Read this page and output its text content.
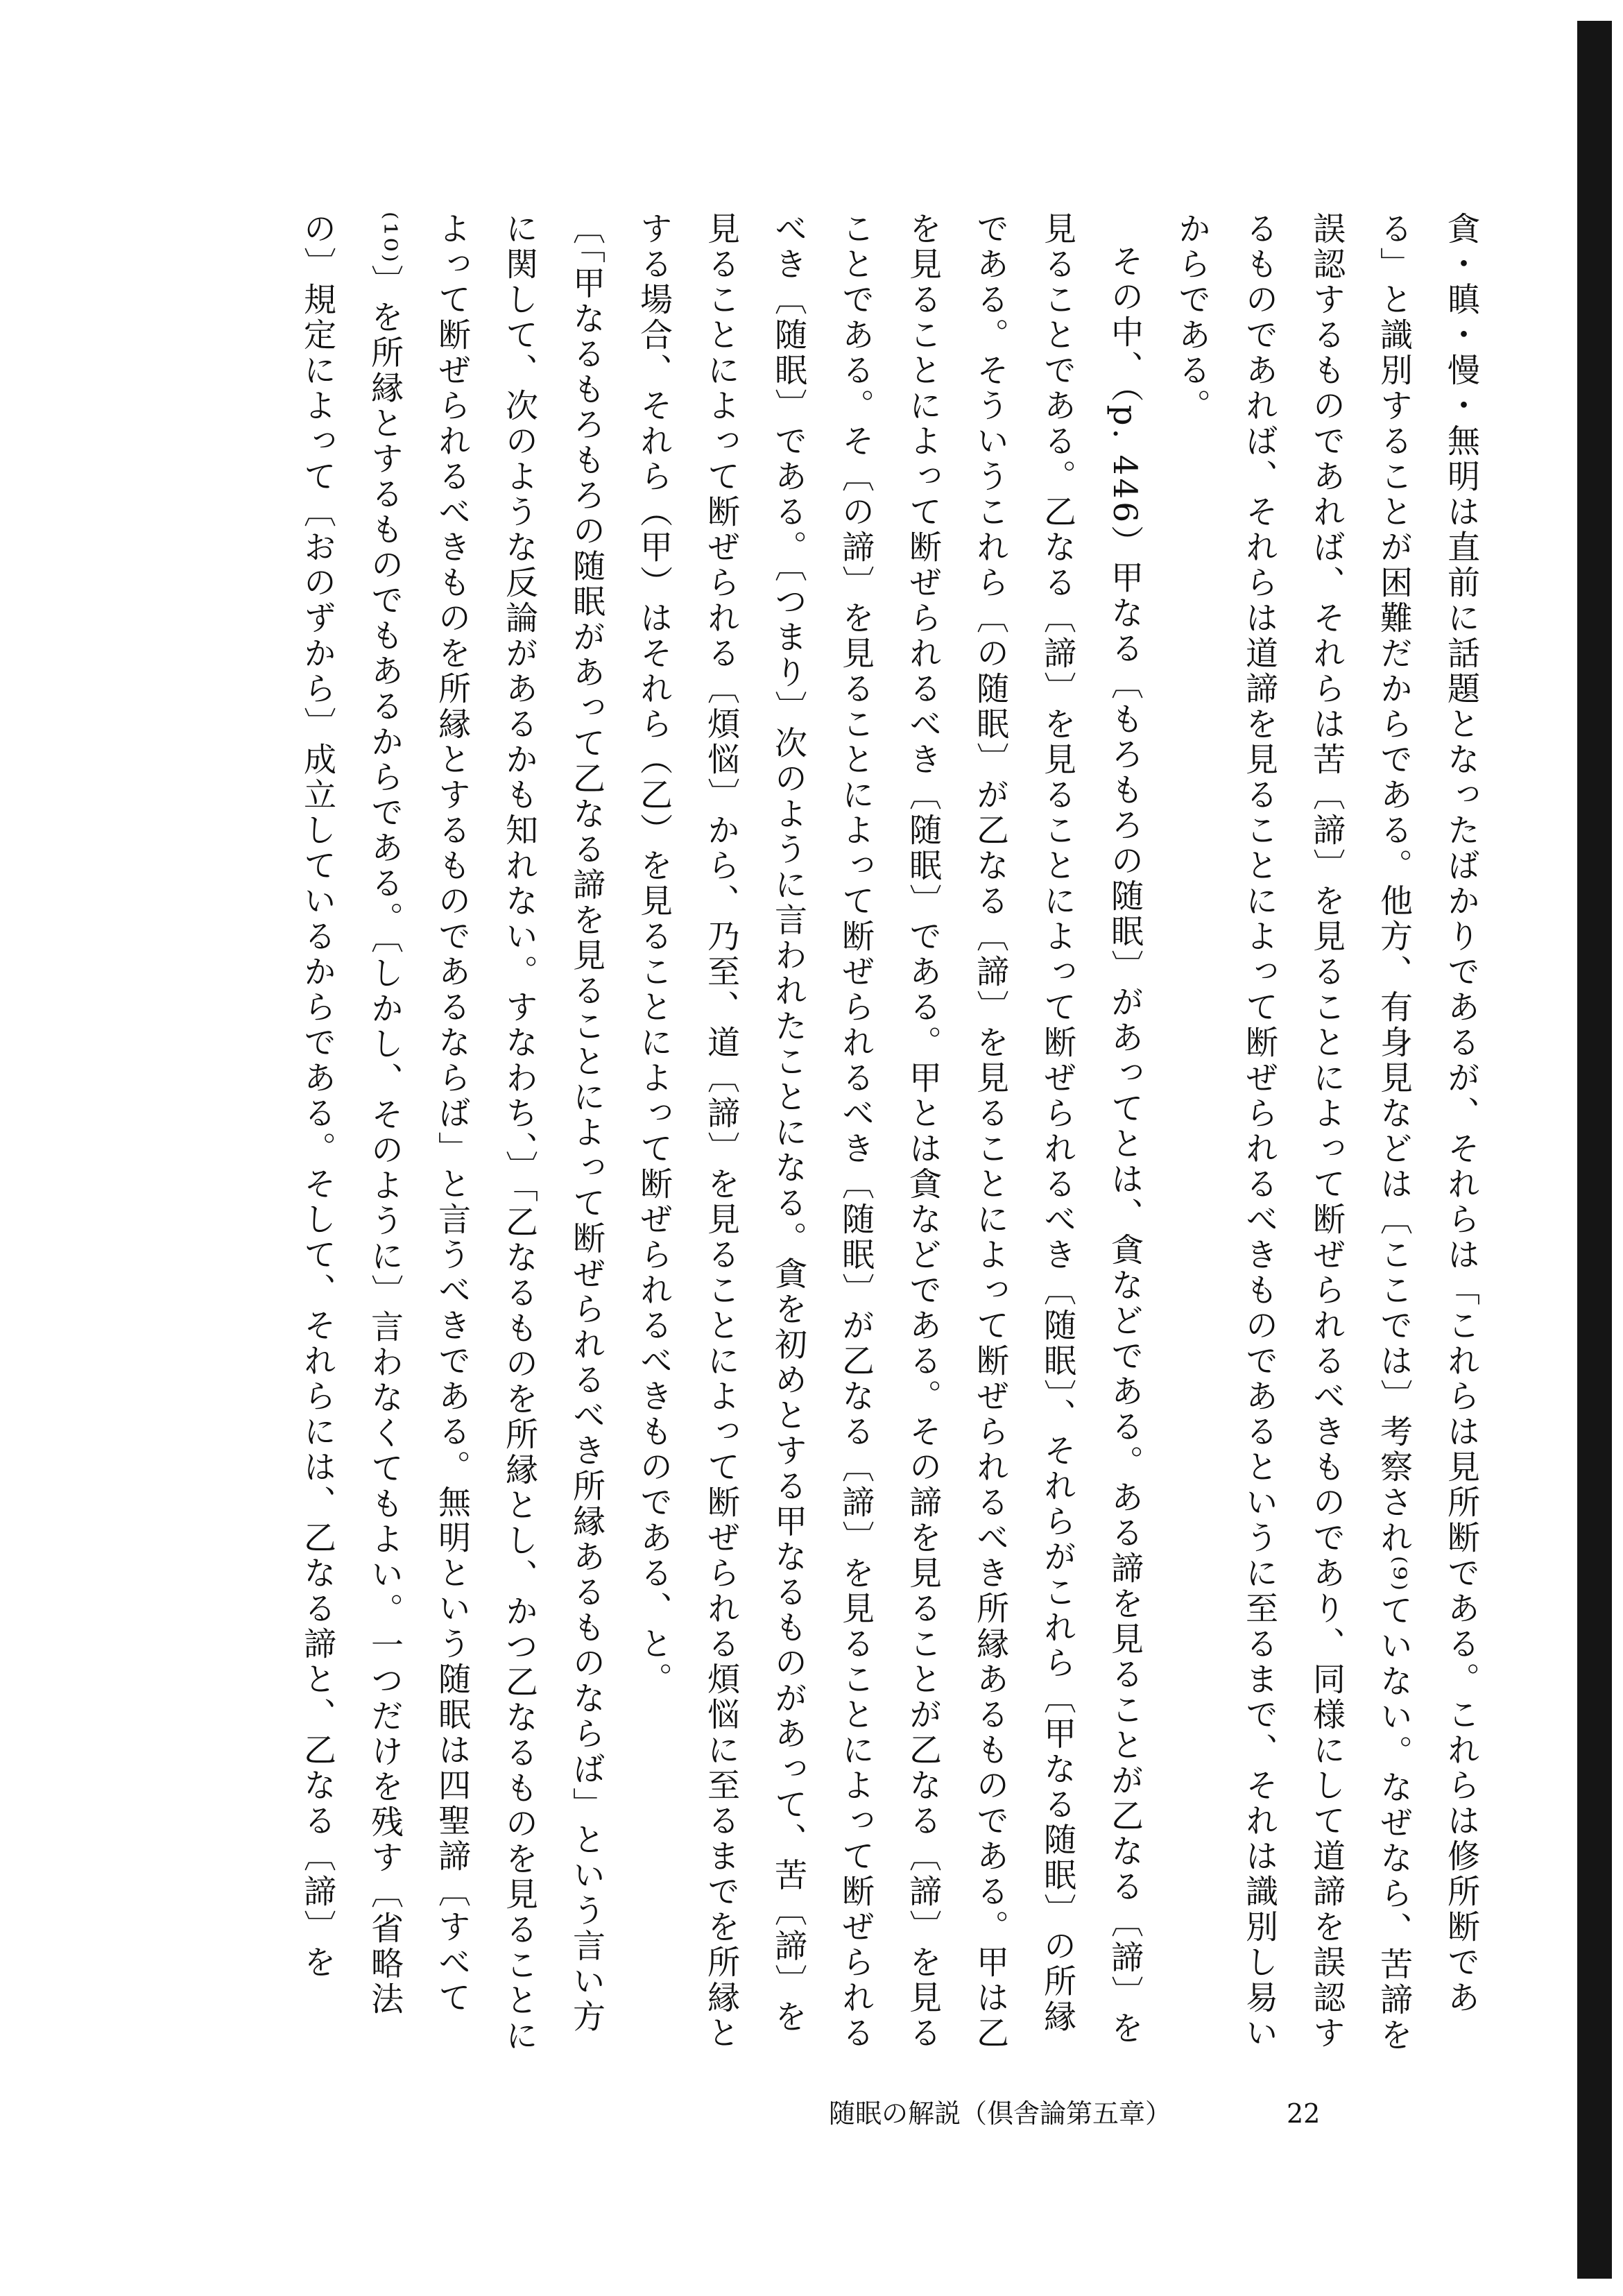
貪・瞋・慢・無明は直前に話題となったばかりであるが、それらは「これらは見所断である。これらは修所断である」と識別することが困難だからである。他方、有身見などは〔ここでは〕考察され⁽⁹⁾ていない。なぜなら、苦諦を誤認するものであれば、それらは苦〔諦〕を見ることによって断ぜられるべきものであり、同様にして道諦を誤認するものであれば、それらは道諦を見ることによって断ぜられるべきものであるというに至るまで、それは識別し易いからである。

その中、（p. 446）甲なる〔もろもろの随眠〕があってとは、貪などである。ある諦を見ることが乙なる〔諦〕を見ることである。乙なる〔諦〕を見ることによって断ぜられるべき〔随眠〕、それらがこれら〔甲なる随眠〕の所縁である。そういうこれら〔の随眠〕が乙なる〔諦〕を見ることによって断ぜられるべき所縁あるものである。甲は乙を見ることによって断ぜられるべき〔随眠〕である。甲とは貪などである。その諦を見ることが乙なる〔諦〕を見ることである。そ〔の諦〕を見ることによって断ぜられるべき〔随眠〕が乙なる〔諦〕を見ることによって断ぜられるべき〔随眠〕である。〔つまり〕次のように言われたことになる。貪を初めとする甲なるものがあって、苦〔諦〕を見ることによって断ぜられる〔煩悩〕から、乃至、道〔諦〕を見ることによって断ぜられる煩悩に至るまでを所縁とする場合、それら（甲）はそれら（乙）を見ることによって断ぜられるべきものである、と。

〔「甲なるもろもろの随眠があって乙なる諦を見ることによって断ぜられるべき所縁あるものならば」という言い方に関して、次のような反論があるかも知れない。すなわち、〕「乙なるものを所縁とし、かつ乙なるものを見ることによって断ぜられるべきものを所縁とするものであるならば」と言うべきである。無明という随眠は四聖諦〔すべて⁽¹⁰⁾〕を所縁とするものでもあるからである。〔しかし、そのように〕言わなくてもよい。一つだけを残す〔省略法の〕規定によって〔おのずから〕成立しているからである。そして、それらには、乙なる諦と、乙なる〔諦〕を

随眠の解説（倶舎論第五章）	22
